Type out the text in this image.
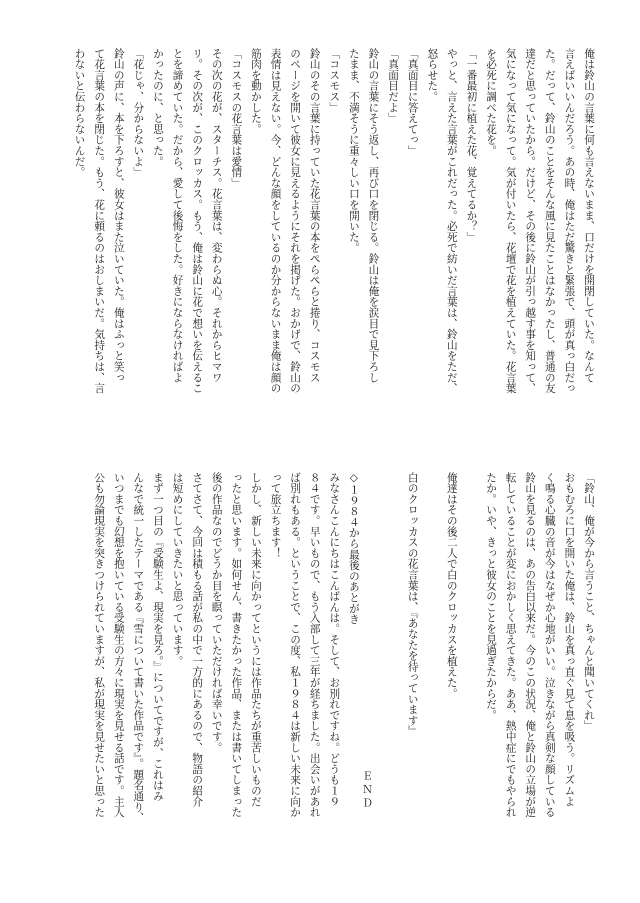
俺は鈴山の言葉に何も言えないまま、口だけを開閉していた。なんて

言えばいいんだろう。あの時、俺はただ驚きと緊張で、頭が真っ白だっ

た。だって、鈴山のことをそんな風に見たことはなかったし、普通の友

達だと思っていたから。だけど、その後に鈴山が引っ越す事を知って、

気になって気になって。気が付いたら、花壇で花を植えていた。花言葉

を必死に調べた花を。

「一番最初に植えた花、覚えてるか？」

やっと、言えた言葉がこれだった。必死で紡いだ言葉は、鈴山をただ、

怒らせた。

「真面目に答えてっ」

「真面目だよ」

鈴山の言葉にそう返し、再び口を閉じる。鈴山は俺を涙目で見下ろし

たまま、不満そうに重々しい口を開いた。

「コスモス」

鈴山のその言葉に持っていた花言葉の本をぺらぺらと捲り、コスモス

のページを開いて彼女に見えるようにそれを掲げた。おかげで、鈴山の

表情は見えない。今、どんな顔をしているのか分からないまま俺は顔の

筋肉を動かした。

「コスモスの花言葉は愛情」

その次の花が、スターチス。花言葉は、変わらぬ心。それからヒマワ

リ。その次が、このクロッカス。もう、俺は鈴山に花で想いを伝えるこ

とを諦めていた。だから、愛して後悔をした。好きにならなければよ

かったのに、と思った。

「花じゃ、分からないよ」

鈴山の声に、本を下ろすと、彼女はまた泣いていた。俺はふっと笑っ

て花言葉の本を閉じた。もう、花に頼るのはおしまいだ。気持ちは、言

わないと伝わらないんだ。

「鈴山、俺が今から言うこと、ちゃんと聞いてくれ」

おもむろに口を開いた俺は、鈴山を真っ直ぐ見て息を吸う。リズムよ

く鳴る心臓の音が今はなぜか心地がいい。泣きながら真剣な顔している

鈴山を見るのは、あの告白以来だ。今のこの状況、俺と鈴山の立場が逆

転していることが変におかしく思えてきた。ああ、熱中症にでもやられ

たか。いや、きっと彼女のことを見過ぎたからだ。

俺達はその後二人で白のクロッカスを植えた。

白のクロッカスの花言葉は、『あなたを待っています』

◇１９８４から最後のあとがき

みなさんこんにちはこんばんは。そして、お別れですね。どうも１９

８４です。早いもので、もう入部して三年が経ちました。出会いがあれ

ば別れもある。ということで、この度、私１９８４は新しい未来に向か

って旅立ちます！

しかし、新しい未来に向かってというには作品たちが重苦しいものだ

ったと思います。如何せん、書きたかった作品、または書いてしまった

後の作品なのでどうか目を瞑っていただければ幸いです。

さてさて、今回は積もる話が私の中で一方的にあるので、物語の紹介

は短めにしていきたいと思っています。

まず一つ目の『受験生よ、現実を見ろ。』についてですが、これはみ

んなで統一したテーマである『雪について書いた作品です』。題名通り、

いつまでも幻想を抱いている受験生の方々に現実を見せる話です。主人

公も勿論現実を突きつけられていますが、私が現実を見せたいと思った	ＥＮＤ
